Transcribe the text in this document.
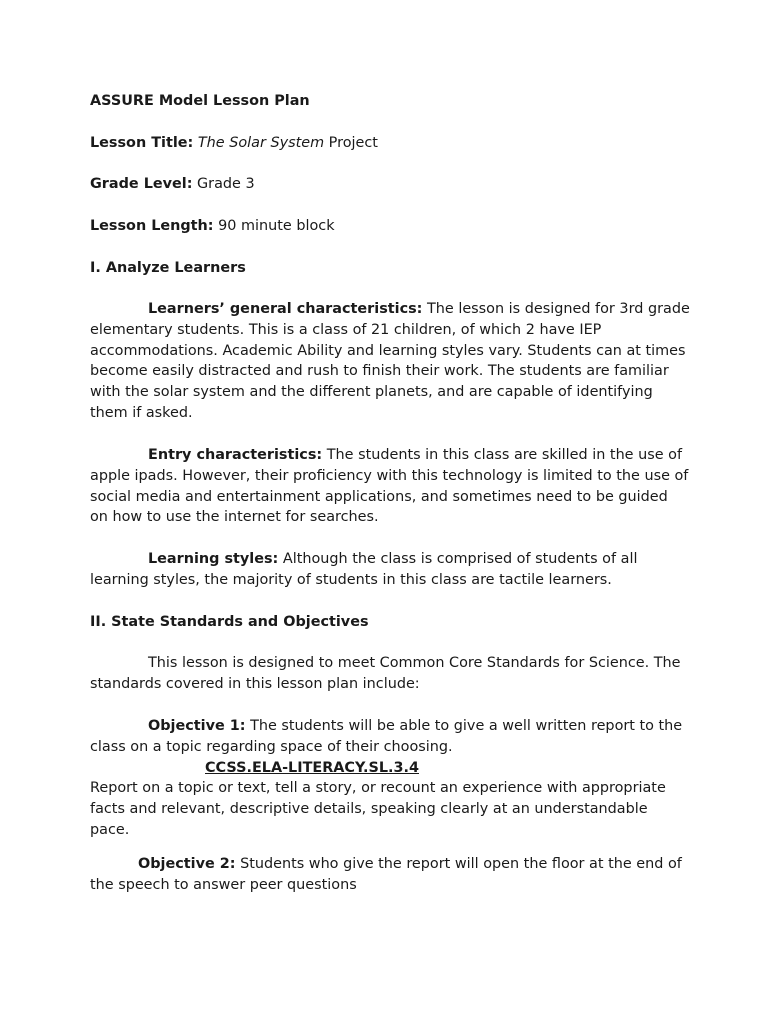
ASSURE Model Lesson Plan
Lesson Title: The Solar System Project
Grade Level: Grade 3
Lesson Length: 90 minute block
I. Analyze Learners
Learners’ general characteristics: The lesson is designed for 3rd grade elementary students. This is a class of 21 children, of which 2 have IEP accommodations. Academic Ability and learning styles vary. Students can at times become easily distracted and rush to finish their work. The students are familiar with the solar system and the different planets, and are capable of identifying them if asked.
Entry characteristics: The students in this class are skilled in the use of apple ipads. However, their proficiency with this technology is limited to the use of social media and entertainment applications, and sometimes need to be guided on how to use the internet for searches.
Learning styles: Although the class is comprised of students of all learning styles, the majority of students in this class are tactile learners.
II. State Standards and Objectives
This lesson is designed to meet Common Core Standards for Science. The standards covered in this lesson plan include:
Objective 1: The students will be able to give a well written report to the class on a topic regarding space of their choosing.
CCSS.ELA-LITERACY.SL.3.4
Report on a topic or text, tell a story, or recount an experience with appropriate facts and relevant, descriptive details, speaking clearly at an understandable pace.
Objective 2: Students who give the report will open the floor at the end of the speech to answer peer questions
